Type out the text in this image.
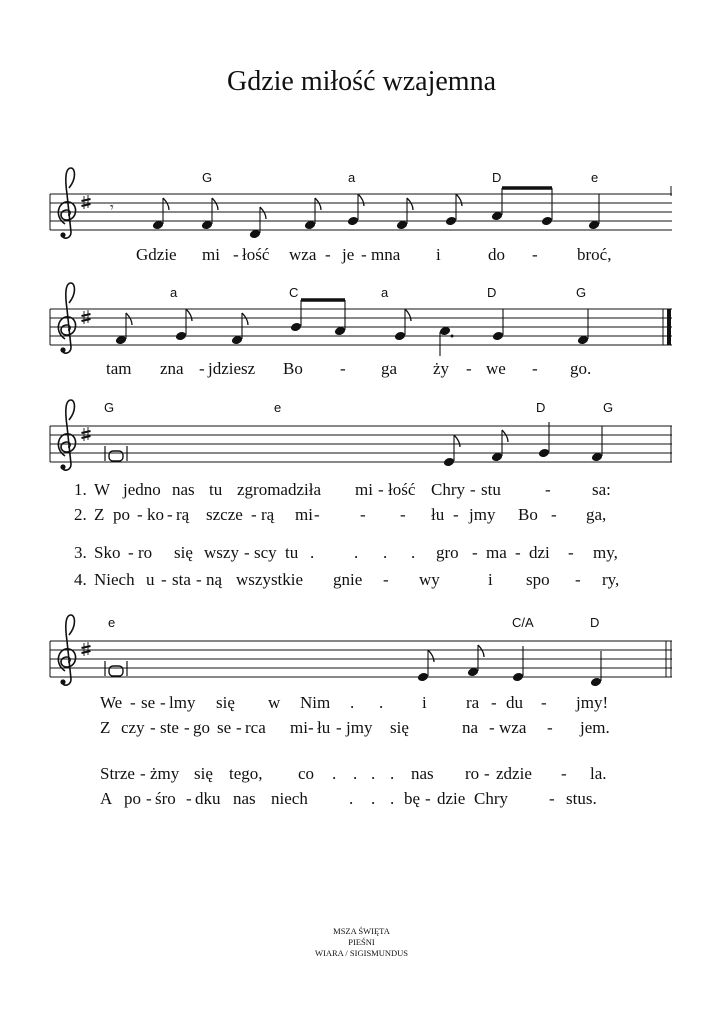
Gdzie miłość wzajemna
𝄾
G	a	D	e
Gdzie mi - łość wza - je - mna i	do - broć,
a	C	a	D	G
tam zna - jdziesz Bo - ga ży - we - go.
G	e	D	G
1. W jedno nas tu zgromadziła mi - łość Chry - stu	- sa:
2. Z po - ko - rą szcze - rą mi - - - łu - jmy Bo - ga,
3. Sko - ro się wszy - scy tu . . . . gro - ma - dzi - my,
4. Niech u - sta - ną wszystkie gnie - wy	i spo - ry,
e	C/A	D
We - se - lmy się w Nim . . i ra - du - jmy!
Z czy - ste - go se - rca mi - łu - jmy się	na - wza - jem.
Strze - żmy się tego, co . . . . nas ro - zdzie - la.
A po - śro - dku nas niech . . . bę - dzie Chry - stus.
MSZA ŚWIĘTA
PIEŚNI
WIARA / SIGISMUNDUS
